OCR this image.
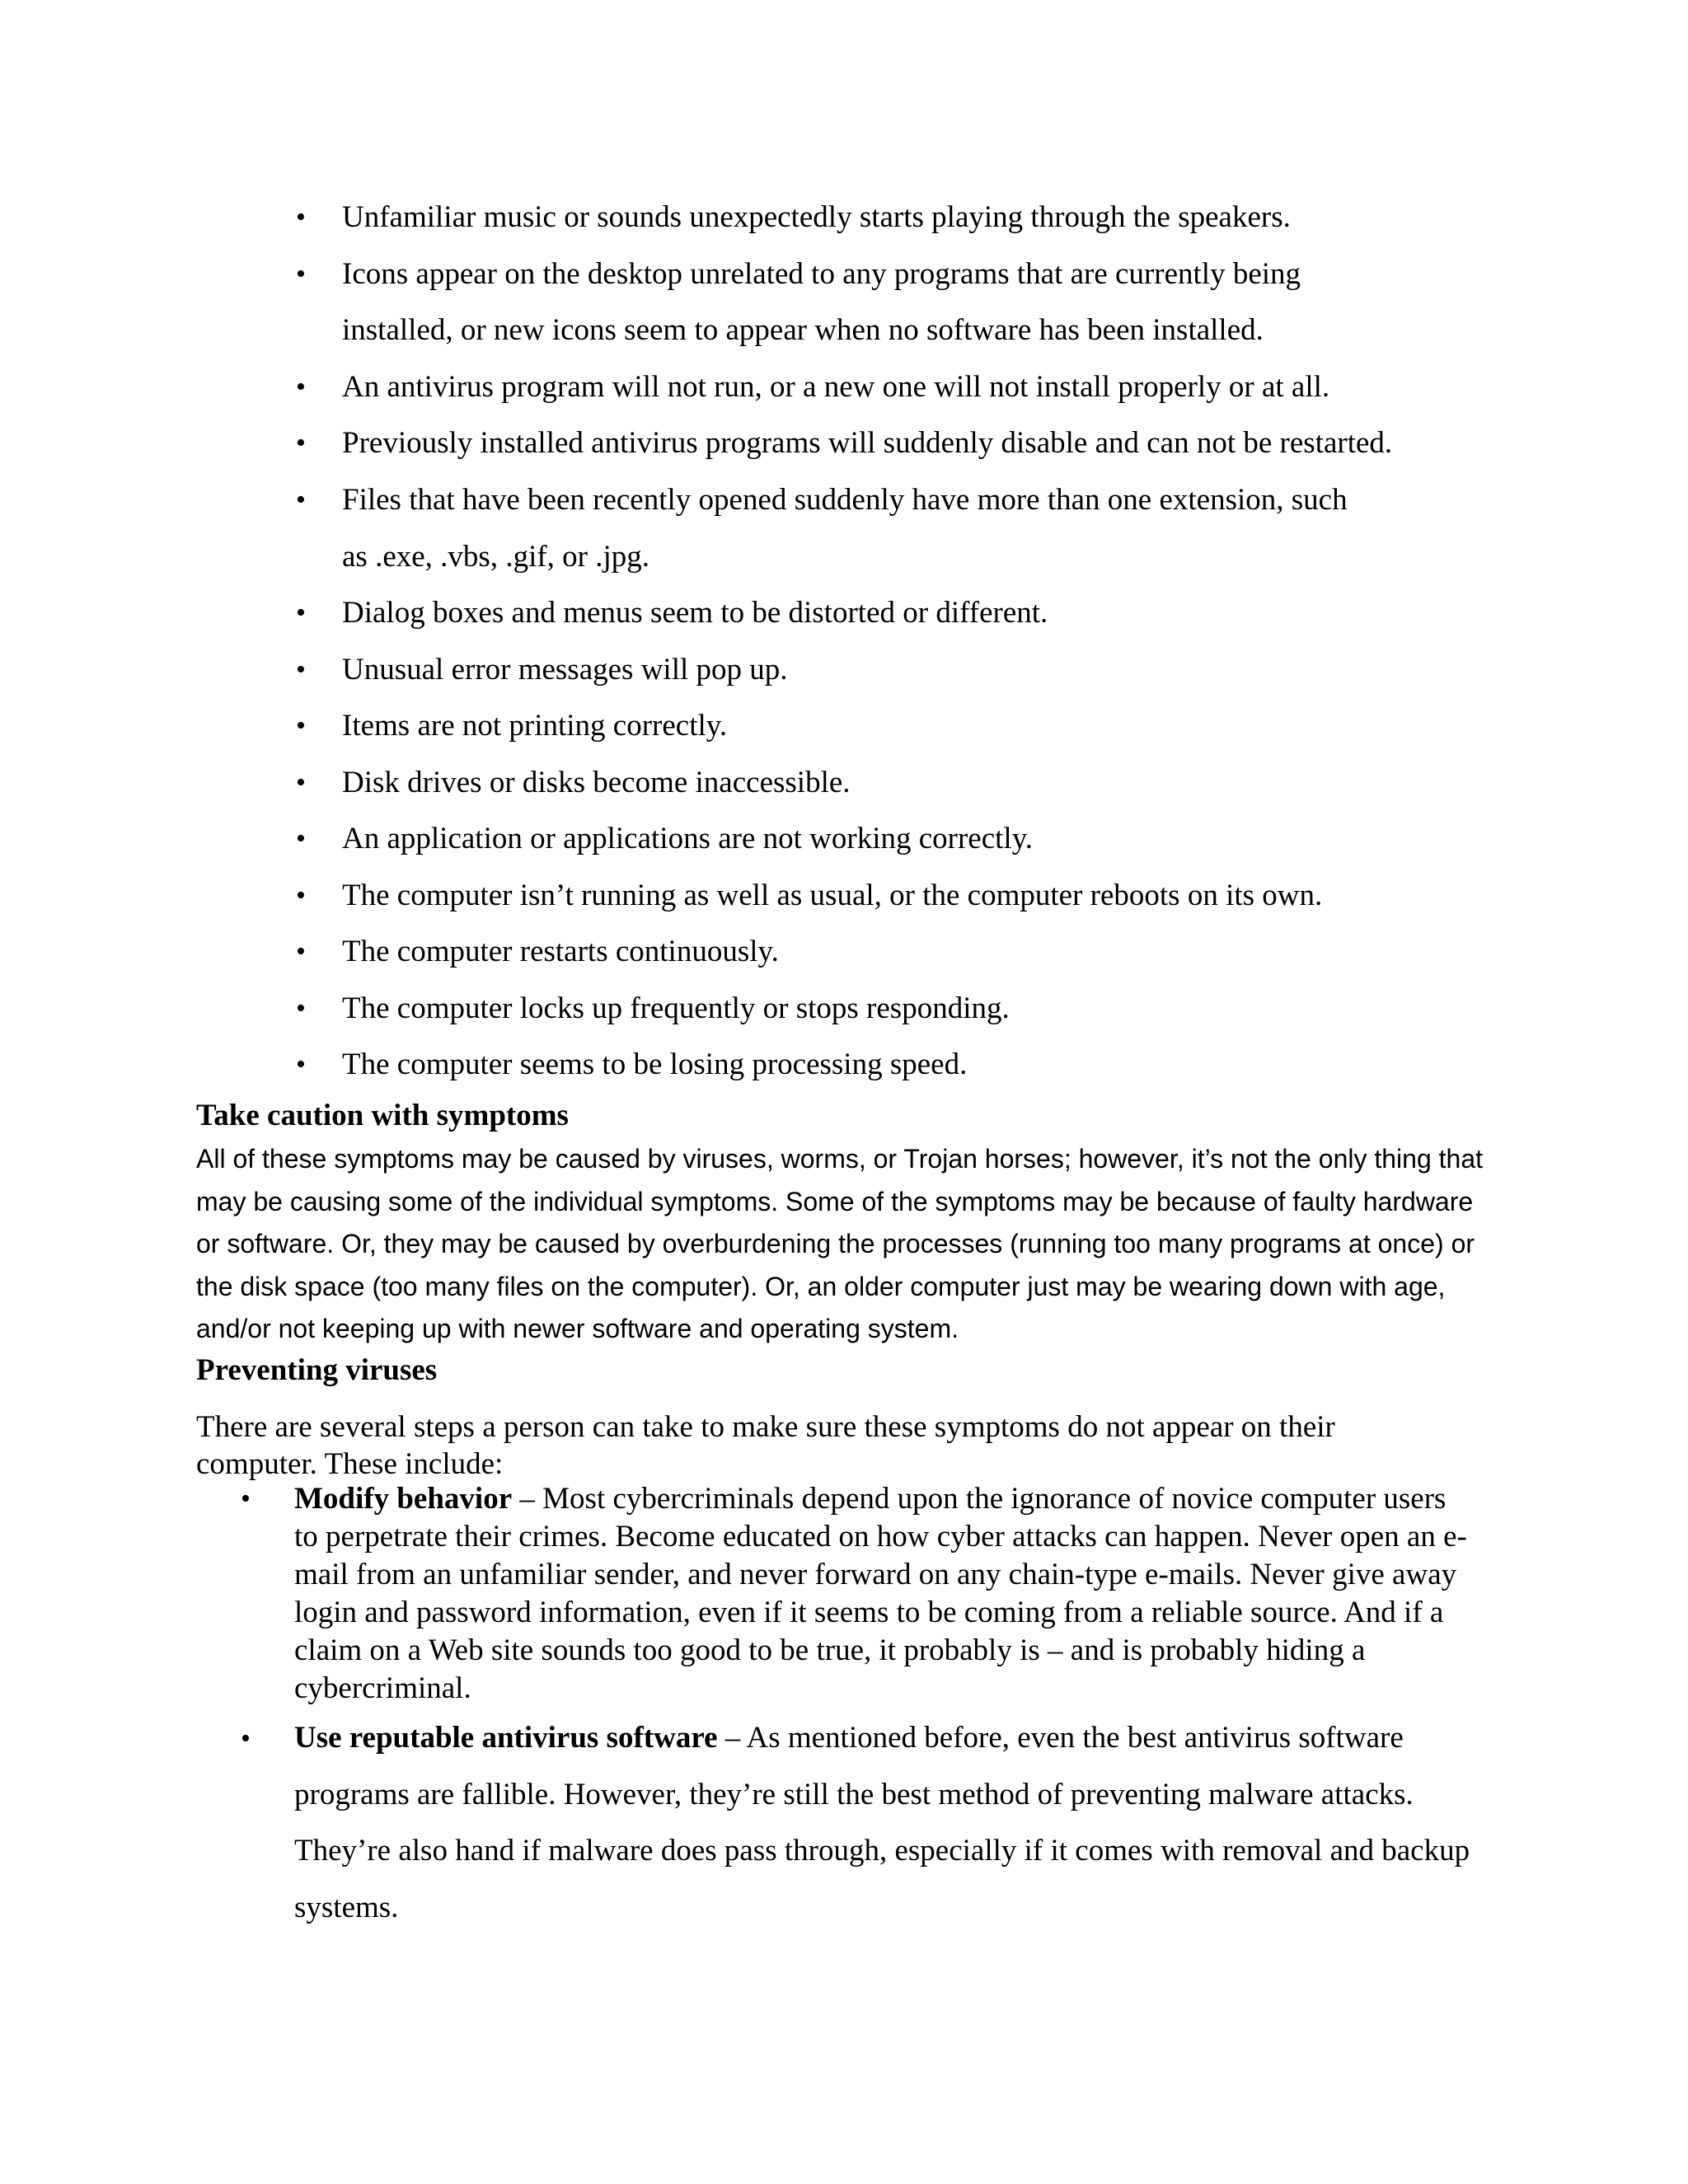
• Unfamiliar music or sounds unexpectedly starts playing through the speakers.
• Icons appear on the desktop unrelated to any programs that are currently being
installed, or new icons seem to appear when no software has been installed.
• An antivirus program will not run, or a new one will not install properly or at all.
• Previously installed antivirus programs will suddenly disable and can not be restarted.
• Files that have been recently opened suddenly have more than one extension, such
as .exe, .vbs, .gif, or .jpg.
• Dialog boxes and menus seem to be distorted or different.
• Unusual error messages will pop up.
• Items are not printing correctly.
• Disk drives or disks become inaccessible.
• An application or applications are not working correctly.
• The computer isn’t running as well as usual, or the computer reboots on its own.
• The computer restarts continuously.
• The computer locks up frequently or stops responding.
• The computer seems to be losing processing speed.
Take caution with symptoms
All of these symptoms may be caused by viruses, worms, or Trojan horses; however, it’s not the only thing that may be causing some of the individual symptoms. Some of the symptoms may be because of faulty hardware or software. Or, they may be caused by overburdening the processes (running too many programs at once) or the disk space (too many files on the computer). Or, an older computer just may be wearing down with age, and/or not keeping up with newer software and operating system.
Preventing viruses
There are several steps a person can take to make sure these symptoms do not appear on their computer. These include:
• Modify behavior – Most cybercriminals depend upon the ignorance of novice computer users to perpetrate their crimes. Become educated on how cyber attacks can happen. Never open an e-mail from an unfamiliar sender, and never forward on any chain-type e-mails. Never give away login and password information, even if it seems to be coming from a reliable source. And if a claim on a Web site sounds too good to be true, it probably is – and is probably hiding a cybercriminal.
• Use reputable antivirus software – As mentioned before, even the best antivirus software programs are fallible. However, they’re still the best method of preventing malware attacks. They’re also hand if malware does pass through, especially if it comes with removal and backup systems.
